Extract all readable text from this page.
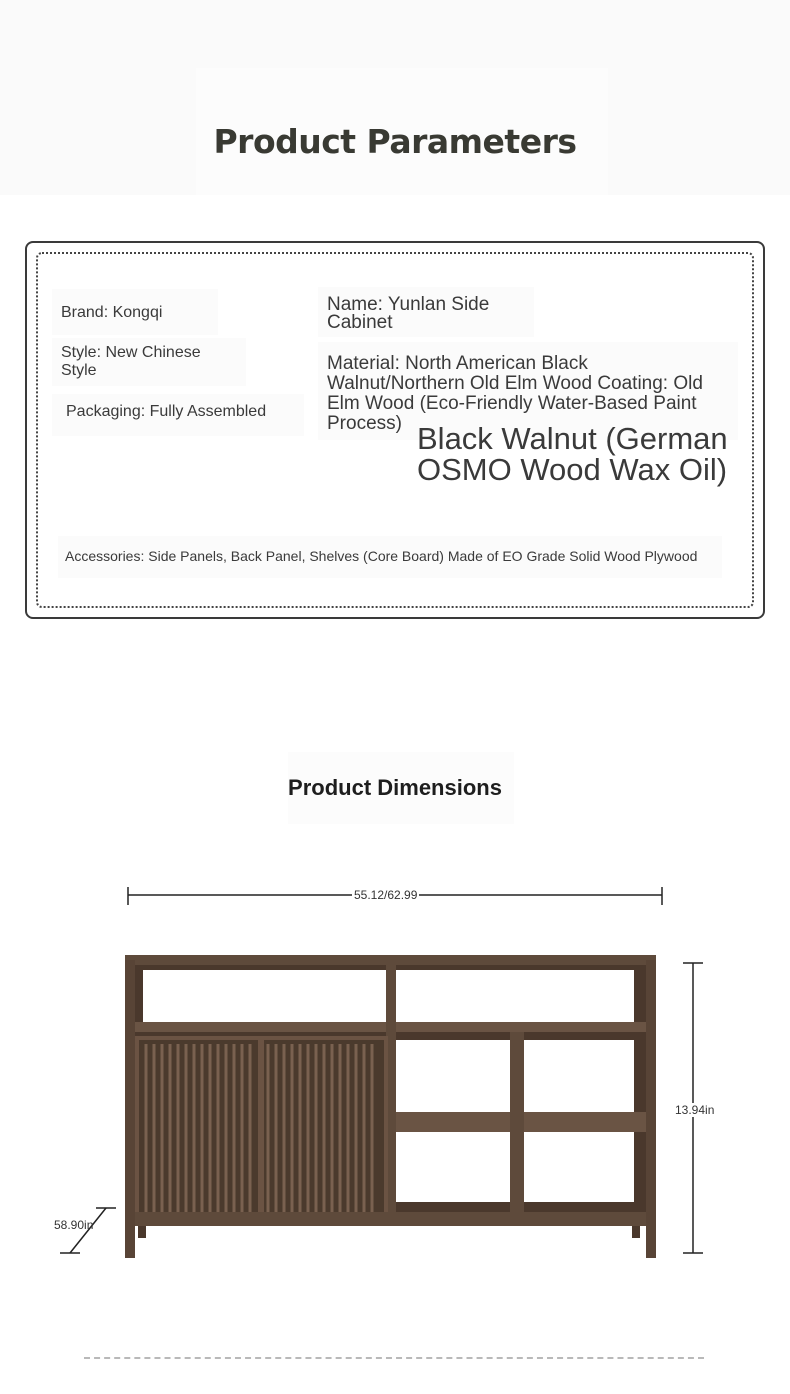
Product Parameters
Brand: Kongqi
Style: New Chinese Style
Packaging: Fully Assembled
Name: Yunlan Side Cabinet
Material: North American Black Walnut/Northern Old Elm Wood Coating: Old Elm Wood (Eco-Friendly Water-Based Paint Process) Black Walnut (German OSMO Wood Wax Oil)
Accessories: Side Panels, Back Panel, Shelves (Core Board) Made of EO Grade Solid Wood Plywood
Product Dimensions
55.12/62.99
13.94in
58.90in
